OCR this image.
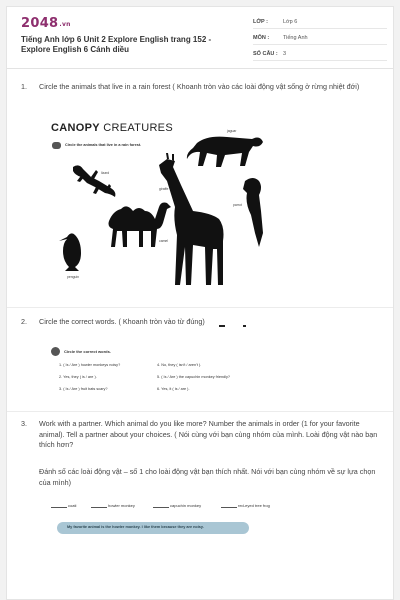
2048.vn
Tiếng Anh lớp 6 Unit 2 Explore English trang 152 - Explore English 6 Cánh diều
LỚP :	Lớp 6
MÔN :	Tiếng Anh
SỐ CÂU : 3
1.	Circle the animals that live in a rain forest ( Khoanh tròn vào các loài động vật sống ở rừng nhiệt đới)
CANOPY CREATURES
Circle the animals that live in a rain forest.
jaguar
lizard
giraffe
parrot
camel
penguin
2.	Circle the correct words. ( Khoanh tròn vào từ đúng)
Circle the correct words.
1. ( Is / Are ) howler monkeys noisy?
2. Yes, they ( is / are ).
3. ( Is / Are ) fruit bats scary?
4. No, they ( isn't / aren't ).
5. ( Is / Are ) the capuchin monkey friendly?
6. Yes, it ( is / are ).
3.	Work with a partner. Which animal do you like more? Number the animals in order (1 for your favorite animal). Tell a partner about your choices. ( Nói cùng với bạn cùng nhóm của mình. Loài động vật nào bạn thích hơn?
Đánh số các loài động vật – số 1 cho loài động vật bạn thích nhất. Nói với bạn cùng nhóm về sự lựa chọn của mình)
coati	howler monkey	capuchin monkey	red-eyed tree frog
My favorite animal is the howler monkey. I like them because they are noisy.
